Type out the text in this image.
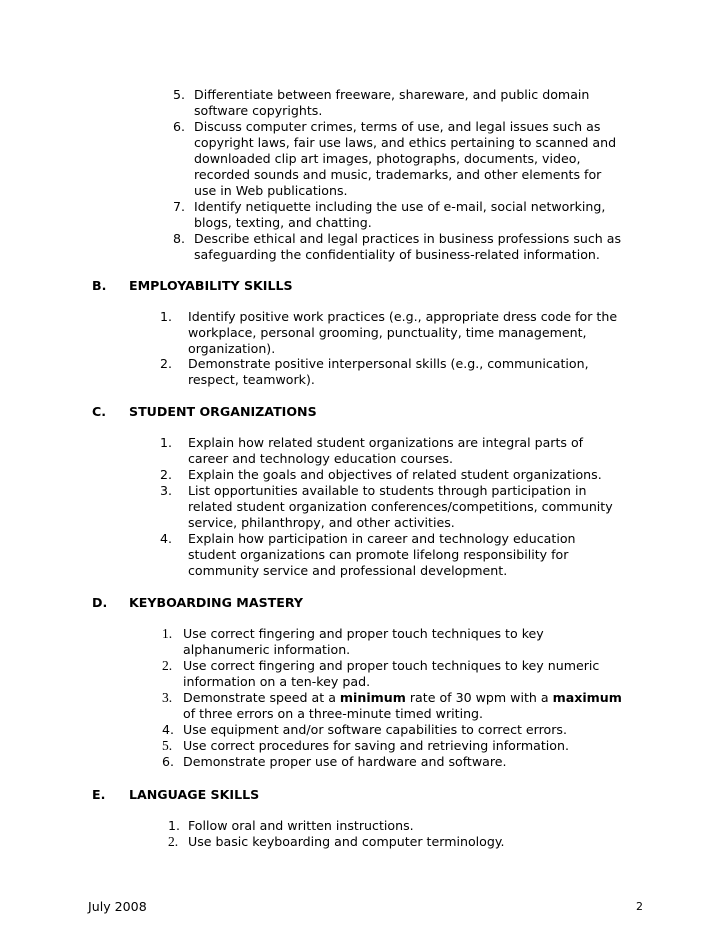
5. Differentiate between freeware, shareware, and public domain
software copyrights.
6. Discuss computer crimes, terms of use, and legal issues such as
copyright laws, fair use laws, and ethics pertaining to scanned and
downloaded clip art images, photographs, documents, video,
recorded sounds and music, trademarks, and other elements for
use in Web publications.
7. Identify netiquette including the use of e-mail, social networking,
blogs, texting, and chatting.
8. Describe ethical and legal practices in business professions such as
safeguarding the confidentiality of business-related information.
B. EMPLOYABILITY SKILLS
1. Identify positive work practices (e.g., appropriate dress code for the
workplace, personal grooming, punctuality, time management,
organization).
2. Demonstrate positive interpersonal skills (e.g., communication,
respect, teamwork).
C. STUDENT ORGANIZATIONS
1. Explain how related student organizations are integral parts of
career and technology education courses.
2. Explain the goals and objectives of related student organizations.
3. List opportunities available to students through participation in
related student organization conferences/competitions, community
service, philanthropy, and other activities.
4. Explain how participation in career and technology education
student organizations can promote lifelong responsibility for
community service and professional development.
D. KEYBOARDING MASTERY
1. Use correct fingering and proper touch techniques to key
alphanumeric information.
2. Use correct fingering and proper touch techniques to key numeric
information on a ten-key pad.
3. Demonstrate speed at a minimum rate of 30 wpm with a maximum
of three errors on a three-minute timed writing.
4. Use equipment and/or software capabilities to correct errors.
5. Use correct procedures for saving and retrieving information.
6. Demonstrate proper use of hardware and software.
E. LANGUAGE SKILLS
1. Follow oral and written instructions.
2. Use basic keyboarding and computer terminology.
July 2008	2
